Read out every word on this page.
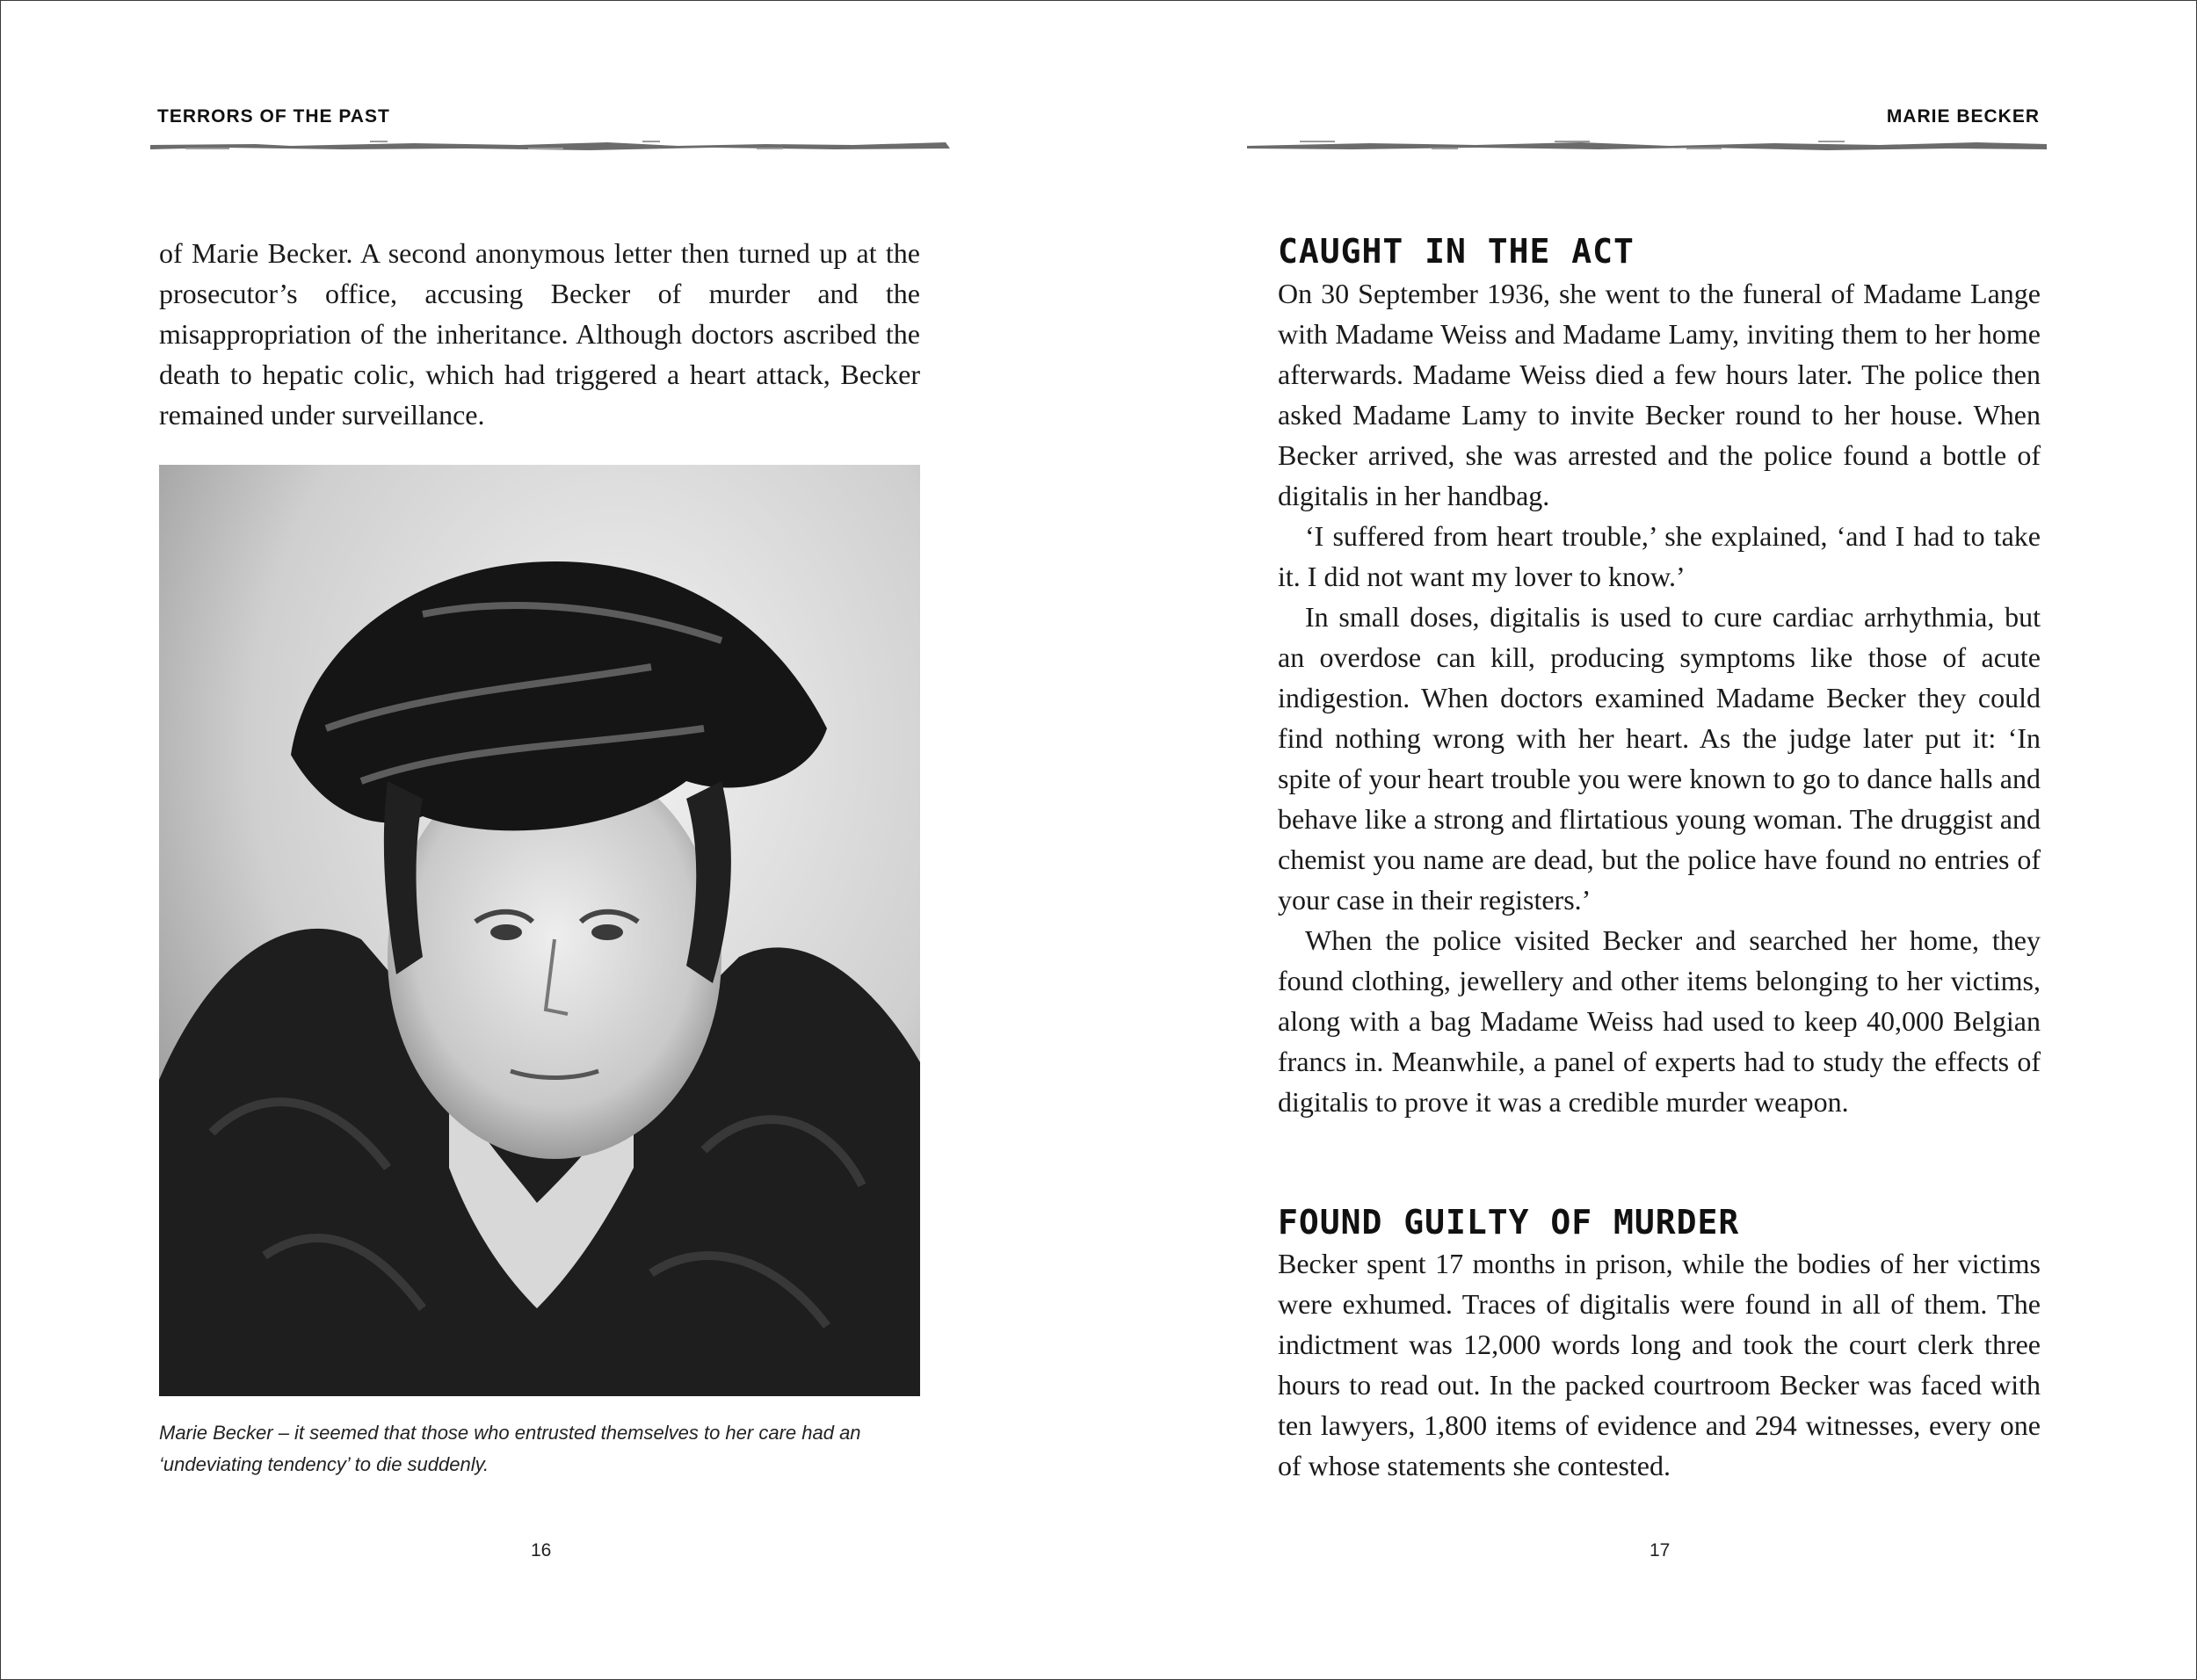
TERRORS OF THE PAST

of Marie Becker. A second anonymous letter then turned up at the prosecutor’s office, accusing Becker of murder and the misappropriation of the inheritance. Although doctors ascribed the death to hepatic colic, which had triggered a heart attack, Becker remained under surveillance.

Marie Becker – it seemed that those who entrusted themselves to her care had an ‘undeviating tendency’ to die suddenly.

16
MARIE BECKER
CAUGHT IN THE ACT

On 30 September 1936, she went to the funeral of Madame Lange with Madame Weiss and Madame Lamy, inviting them to her home afterwards. Madame Weiss died a few hours later. The police then asked Madame Lamy to invite Becker round to her house. When Becker arrived, she was arrested and the police found a bottle of digitalis in her handbag.

‘I suffered from heart trouble,’ she explained, ‘and I had to take it. I did not want my lover to know.’

In small doses, digitalis is used to cure cardiac arrhythmia, but an overdose can kill, producing symptoms like those of acute indigestion. When doctors examined Madame Becker they could find nothing wrong with her heart. As the judge later put it: ‘In spite of your heart trouble you were known to go to dance halls and behave like a strong and flirtatious young woman. The druggist and chemist you name are dead, but the police have found no entries of your case in their registers.’

When the police visited Becker and searched her home, they found clothing, jewellery and other items belonging to her victims, along with a bag Madame Weiss had used to keep 40,000 Belgian francs in. Meanwhile, a panel of experts had to study the effects of digitalis to prove it was a credible murder weapon.

FOUND GUILTY OF MURDER

Becker spent 17 months in prison, while the bodies of her victims were exhumed. Traces of digitalis were found in all of them. The indictment was 12,000 words long and took the court clerk three hours to read out. In the packed courtroom Becker was faced with ten lawyers, 1,800 items of evidence and 294 witnesses, every one of whose statements she contested.

17
